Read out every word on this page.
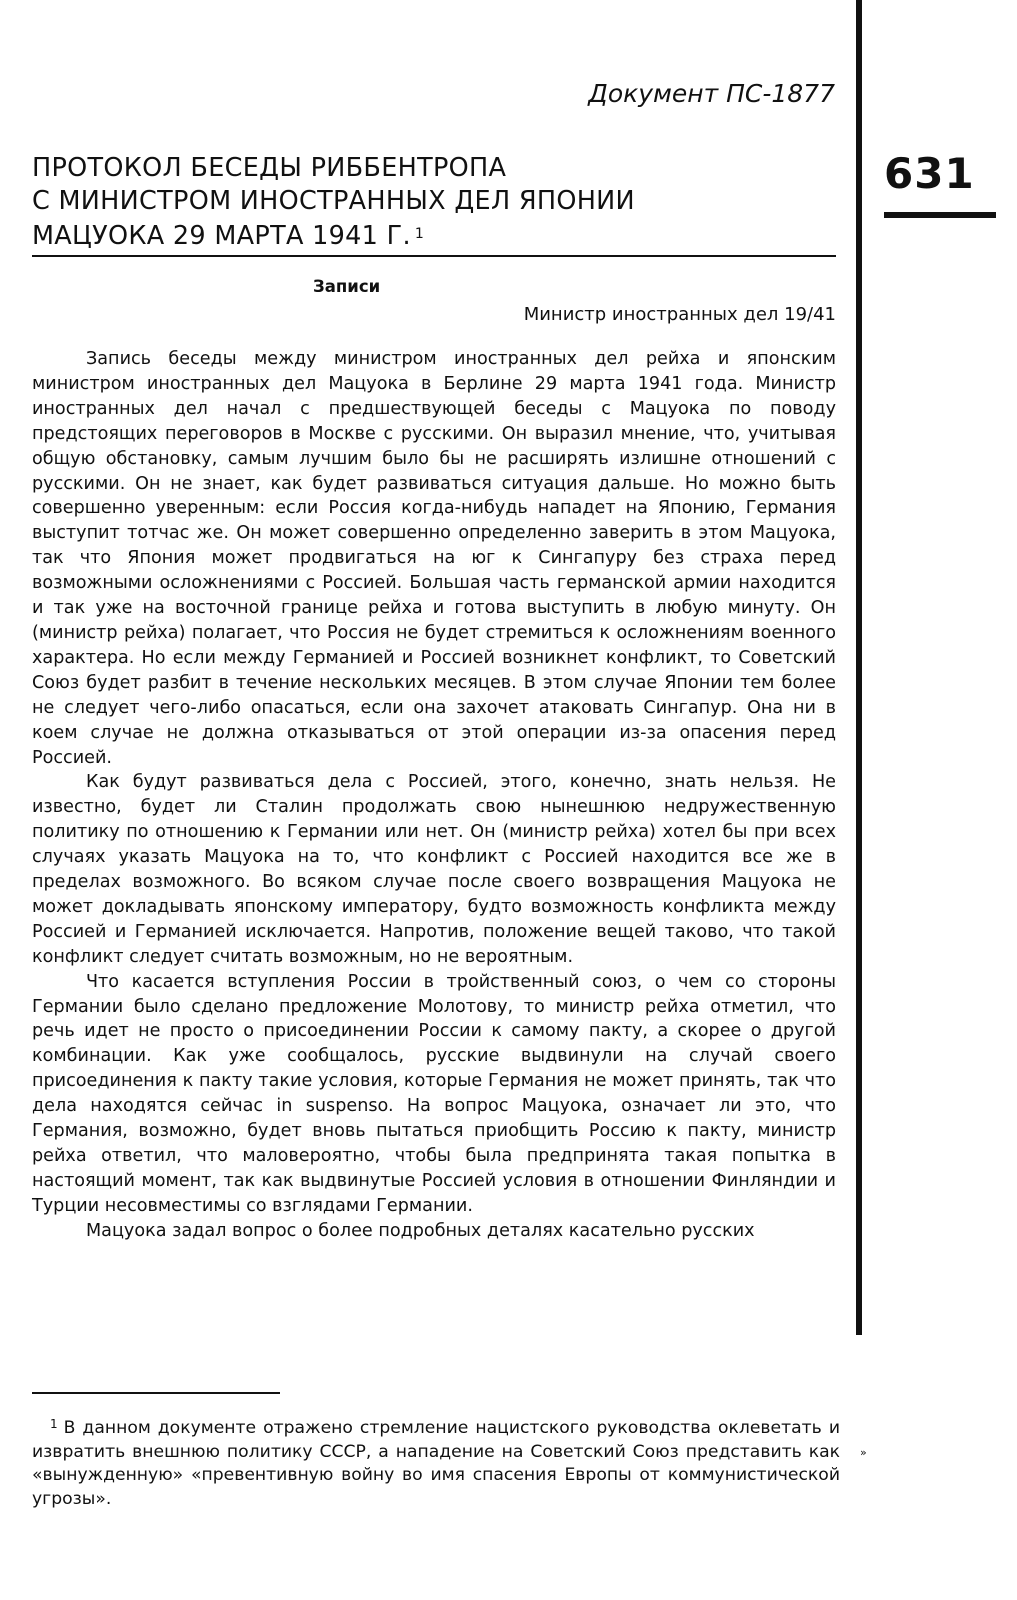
631
Документ ПС-1877
ПРОТОКОЛ БЕСЕДЫ РИББЕНТРОПА
С МИНИСТРОМ ИНОСТРАННЫХ ДЕЛ ЯПОНИИ
МАЦУОКА 29 МАРТА 1941 Г. $^1$
Записи
Министр иностранных дел 19/41

Запись беседы между министром иностранных дел рейха и японским министром иностранных дел Мацуока в Берлине 29 марта 1941 года. Министр иностранных дел начал с предшествующей беседы с Мацуока по поводу предстоящих переговоров в Москве с русскими. Он выразил мнение, что, учитывая общую обстановку, самым лучшим было бы не расширять излишне отношений с русскими. Он не знает, как будет развиваться ситуация дальше. Но можно быть совершенно уверенным: если Россия когда-нибудь нападет на Японию, Германия выступит тотчас же. Он может совершенно определенно заверить в этом Мацуока, так что Япония может продвигаться на юг к Сингапуру без страха перед возможными осложнениями с Россией. Большая часть германской армии находится и так уже на восточной границе рейха и готова выступить в любую минуту. Он (министр рейха) полагает, что Россия не будет стремиться к осложнениям военного характера. Но если между Германией и Россией возникнет конфликт, то Советский Союз будет разбит в течение нескольких месяцев. В этом случае Японии тем более не следует чего-либо опасаться, если она захочет атаковать Сингапур. Она ни в коем случае не должна отказываться от этой операции из-за опасения перед Россией.

Как будут развиваться дела с Россией, этого, конечно, знать нельзя. Не известно, будет ли Сталин продолжать свою нынешнюю недружественную политику по отношению к Германии или нет. Он (министр рейха) хотел бы при всех случаях указать Мацуока на то, что конфликт с Россией находится все же в пределах возможного. Во всяком случае после своего возвращения Мацуока не может докладывать японскому императору, будто возможность конфликта между Россией и Германией исключается. Напротив, положение вещей таково, что такой конфликт следует считать возможным, но не вероятным.

Что касается вступления России в тройственный союз, о чем со стороны Германии было сделано предложение Молотову, то министр рейха отметил, что речь идет не просто о присоединении России к самому пакту, а скорее о другой комбинации. Как уже сообщалось, русские выдвинули на случай своего присоединения к пакту такие условия, которые Германия не может принять, так что дела находятся сейчас in suspenso. На вопрос Мацуока, означает ли это, что Германия, возможно, будет вновь пытаться приобщить Россию к пакту, министр рейха ответил, что маловероятно, чтобы была предпринята такая попытка в настоящий момент, так как выдвинутые Россией условия в отношении Финляндии и Турции несовместимы со взглядами Германии.

Мацуока задал вопрос о более подробных деталях касательно русских

$^1$ В данном документе отражено стремление нацистского руководства оклеветать и извратить внешнюю политику СССР, а нападение на Советский Союз представить как «вынужденную» «превентивную войну во имя спасения Европы от коммунистической угрозы».

»
